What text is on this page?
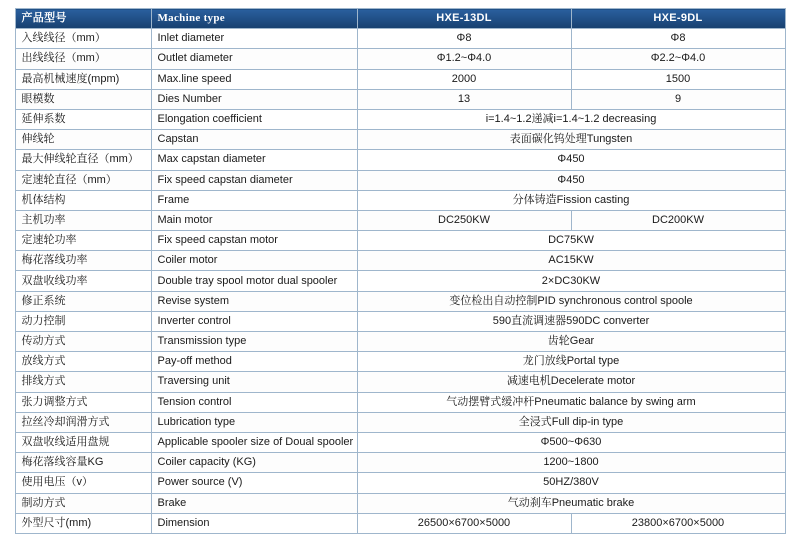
产品型号	Machine type	HXE-13DL	HXE-9DL
入线线径（mm）	Inlet diameter	Φ8	Φ8
出线线径（mm）	Outlet diameter	Φ1.2~Φ4.0	Φ2.2~Φ4.0
最高机械速度(mpm)	Max.line speed	2000	1500
眼模数	Dies Number	13	9
延伸系数	Elongation coefficient	i=1.4~1.2递减i=1.4~1.2 decreasing	
伸线轮	Capstan	表面碳化钨处理Tungsten	
最大伸线轮直径（mm）	Max capstan diameter	Φ450	
定速轮直径（mm）	Fix speed capstan diameter	Φ450	
机体结构	Frame	分体铸造Fission casting	
主机功率	Main motor	DC250KW	DC200KW
定速轮功率	Fix speed capstan motor	DC75KW	
梅花落线功率	Coiler motor	AC15KW	
双盘收线功率	Double tray spool motor dual spooler	2×DC30KW	
修正系统	Revise system	变位检出自动控制PID synchronous control spoole	
动力控制	Inverter control	590直流调速器590DC converter	
传动方式	Transmission type	齿轮Gear	
放线方式	Pay-off method	龙门放线Portal type	
排线方式	Traversing unit	减速电机Decelerate motor	
张力调整方式	Tension control	气动摆臂式缓冲杆Pneumatic balance by swing arm	
拉丝冷却润滑方式	Lubrication type	全浸式Full dip-in type	
双盘收线适用盘规	Applicable spooler size of Doual spooler	Φ500~Φ630	
梅花落线容量KG	Coiler capacity (KG)	1200~1800	
使用电压（v）	Power source (V)	50HZ/380V	
制动方式	Brake	气动刹车Pneumatic brake	
外型尺寸(mm)	Dimension	26500×6700×5000	23800×6700×5000
